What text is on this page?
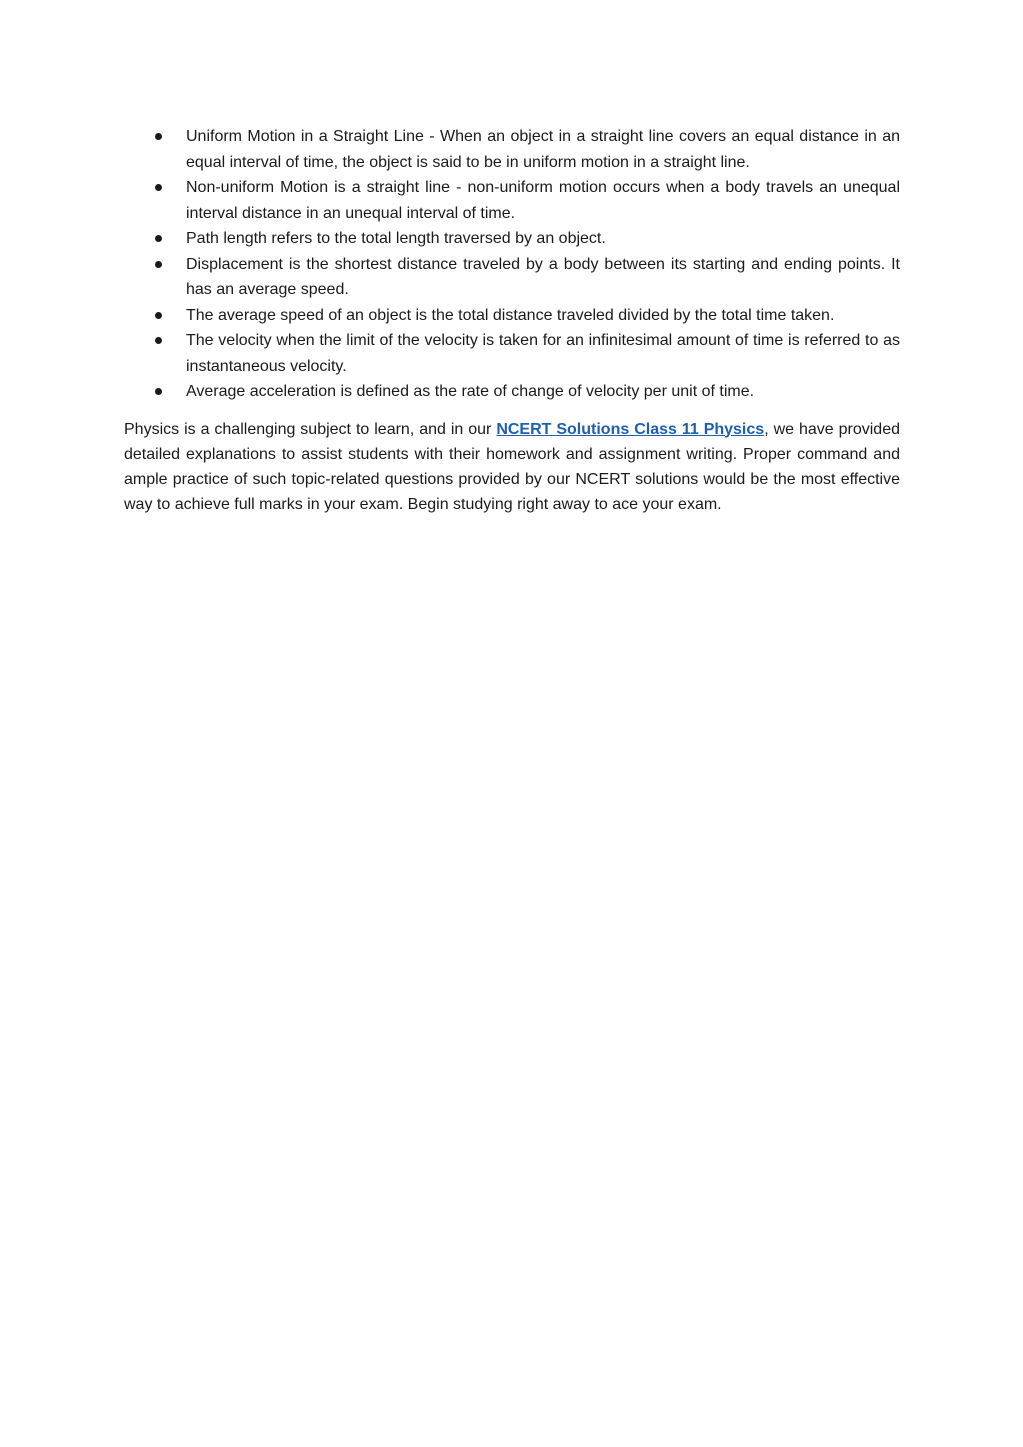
Uniform Motion in a Straight Line - When an object in a straight line covers an equal distance in an equal interval of time, the object is said to be in uniform motion in a straight line.
Non-uniform Motion is a straight line - non-uniform motion occurs when a body travels an unequal interval distance in an unequal interval of time.
Path length refers to the total length traversed by an object.
Displacement is the shortest distance traveled by a body between its starting and ending points. It has an average speed.
The average speed of an object is the total distance traveled divided by the total time taken.
The velocity when the limit of the velocity is taken for an infinitesimal amount of time is referred to as instantaneous velocity.
Average acceleration is defined as the rate of change of velocity per unit of time.

Physics is a challenging subject to learn, and in our NCERT Solutions Class 11 Physics, we have provided detailed explanations to assist students with their homework and assignment writing. Proper command and ample practice of such topic-related questions provided by our NCERT solutions would be the most effective way to achieve full marks in your exam. Begin studying right away to ace your exam.
